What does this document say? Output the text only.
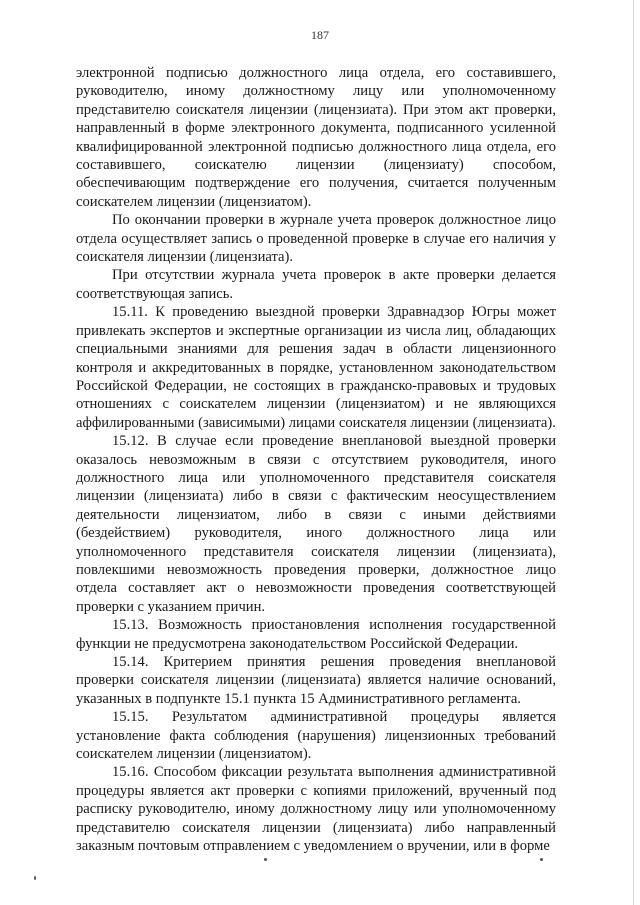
187

электронной подписью должностного лица отдела, его составившего, руководителю, иному должностному лицу или уполномоченному представителю соискателя лицензии (лицензиата). При этом акт проверки, направленный в форме электронного документа, подписанного усиленной квалифицированной электронной подписью должностного лица отдела, его составившего, соискателю лицензии (лицензиату) способом, обеспечивающим подтверждение его получения, считается полученным соискателем лицензии (лицензиатом).

По окончании проверки в журнале учета проверок должностное лицо отдела осуществляет запись о проведенной проверке в случае его наличия у соискателя лицензии (лицензиата).

При отсутствии журнала учета проверок в акте проверки делается соответствующая запись.

15.11. К проведению выездной проверки Здравнадзор Югры может привлекать экспертов и экспертные организации из числа лиц, обладающих специальными знаниями для решения задач в области лицензионного контроля и аккредитованных в порядке, установленном законодательством Российской Федерации, не состоящих в гражданско-правовых и трудовых отношениях с соискателем лицензии (лицензиатом) и не являющихся аффилированными (зависимыми) лицами соискателя лицензии (лицензиата).

15.12. В случае если проведение внеплановой выездной проверки оказалось невозможным в связи с отсутствием руководителя, иного должностного лица или уполномоченного представителя соискателя лицензии (лицензиата) либо в связи с фактическим неосуществлением деятельности лицензиатом, либо в связи с иными действиями (бездействием) руководителя, иного должностного лица или уполномоченного представителя соискателя лицензии (лицензиата), повлекшими невозможность проведения проверки, должностное лицо отдела составляет акт о невозможности проведения соответствующей проверки с указанием причин.

15.13. Возможность приостановления исполнения государственной функции не предусмотрена законодательством Российской Федерации.

15.14. Критерием принятия решения проведения внеплановой проверки соискателя лицензии (лицензиата) является наличие оснований, указанных в подпункте 15.1 пункта 15 Административного регламента.

15.15. Результатом административной процедуры является установление факта соблюдения (нарушения) лицензионных требований соискателем лицензии (лицензиатом).

15.16. Способом фиксации результата выполнения административной процедуры является акт проверки с копиями приложений, врученный под расписку руководителю, иному должностному лицу или уполномоченному представителю соискателя лицензии (лицензиата) либо направленный заказным почтовым отправлением с уведомлением о вручении, или в форме
